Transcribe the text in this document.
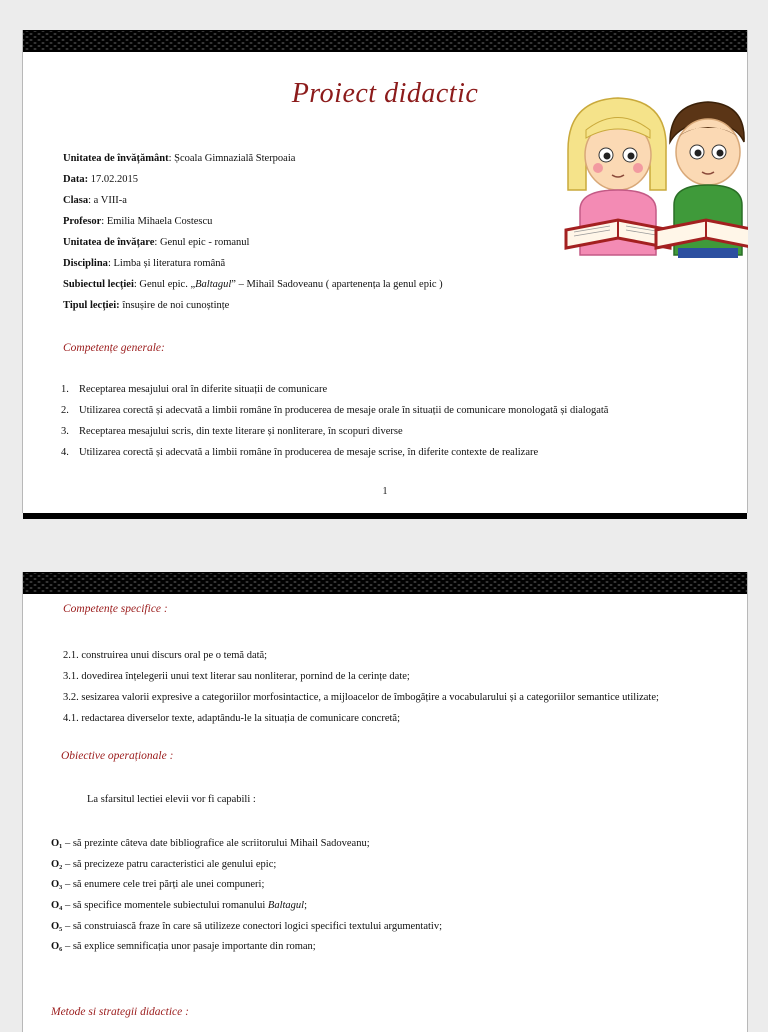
Proiect didactic
Unitatea de învățământ: Școala Gimnazială Sterpoaia
Data: 17.02.2015
Clasa: a VIII-a
Profesor: Emilia Mihaela Costescu
Unitatea de învățare: Genul epic - romanul
Disciplina: Limba și literatura română
Subiectul lecției: Genul epic. „Baltagul” – Mihail Sadoveanu ( apartenența la genul epic )
Tipul lecției: însușire de noi cunoștințe
Competențe generale:
1. Receptarea mesajului oral în diferite situații de comunicare
2. Utilizarea corectă și adecvată a limbii române în producerea de mesaje orale în situații de comunicare monologată și dialogată
3. Receptarea mesajului scris, din texte literare și nonliterare, în scopuri diverse
4. Utilizarea corectă și adecvată a limbii române în producerea de mesaje scrise, în diferite contexte de realizare
1
Competențe specifice :
2.1. construirea unui discurs oral pe o temă dată;
3.1. dovedirea înțelegerii unui text literar sau nonliterar, pornind de la cerințe date;
3.2. sesizarea valorii expresive a categoriilor morfosintactice, a mijloacelor de îmbogățire a vocabularului și a categoriilor semantice utilizate;
4.1. redactarea diverselor texte, adaptându-le la situația de comunicare concretă;
Obiective operaționale :
La sfarsitul lectiei elevii vor fi capabili :
O₁ – să prezinte câteva date bibliografice ale scriitorului Mihail Sadoveanu;
O₂ – să precizeze patru caracteristici ale genului epic;
O₃ – să enumere cele trei părți ale unei compuneri;
O₄ – să specifice momentele subiectului romanului Baltagul;
O₅ – să construiască fraze în care să utilizeze conectori logici specifici textului argumentativ;
O₆ – să explice semnificația unor pasaje importante din roman;
Metode si strategii didactice :
